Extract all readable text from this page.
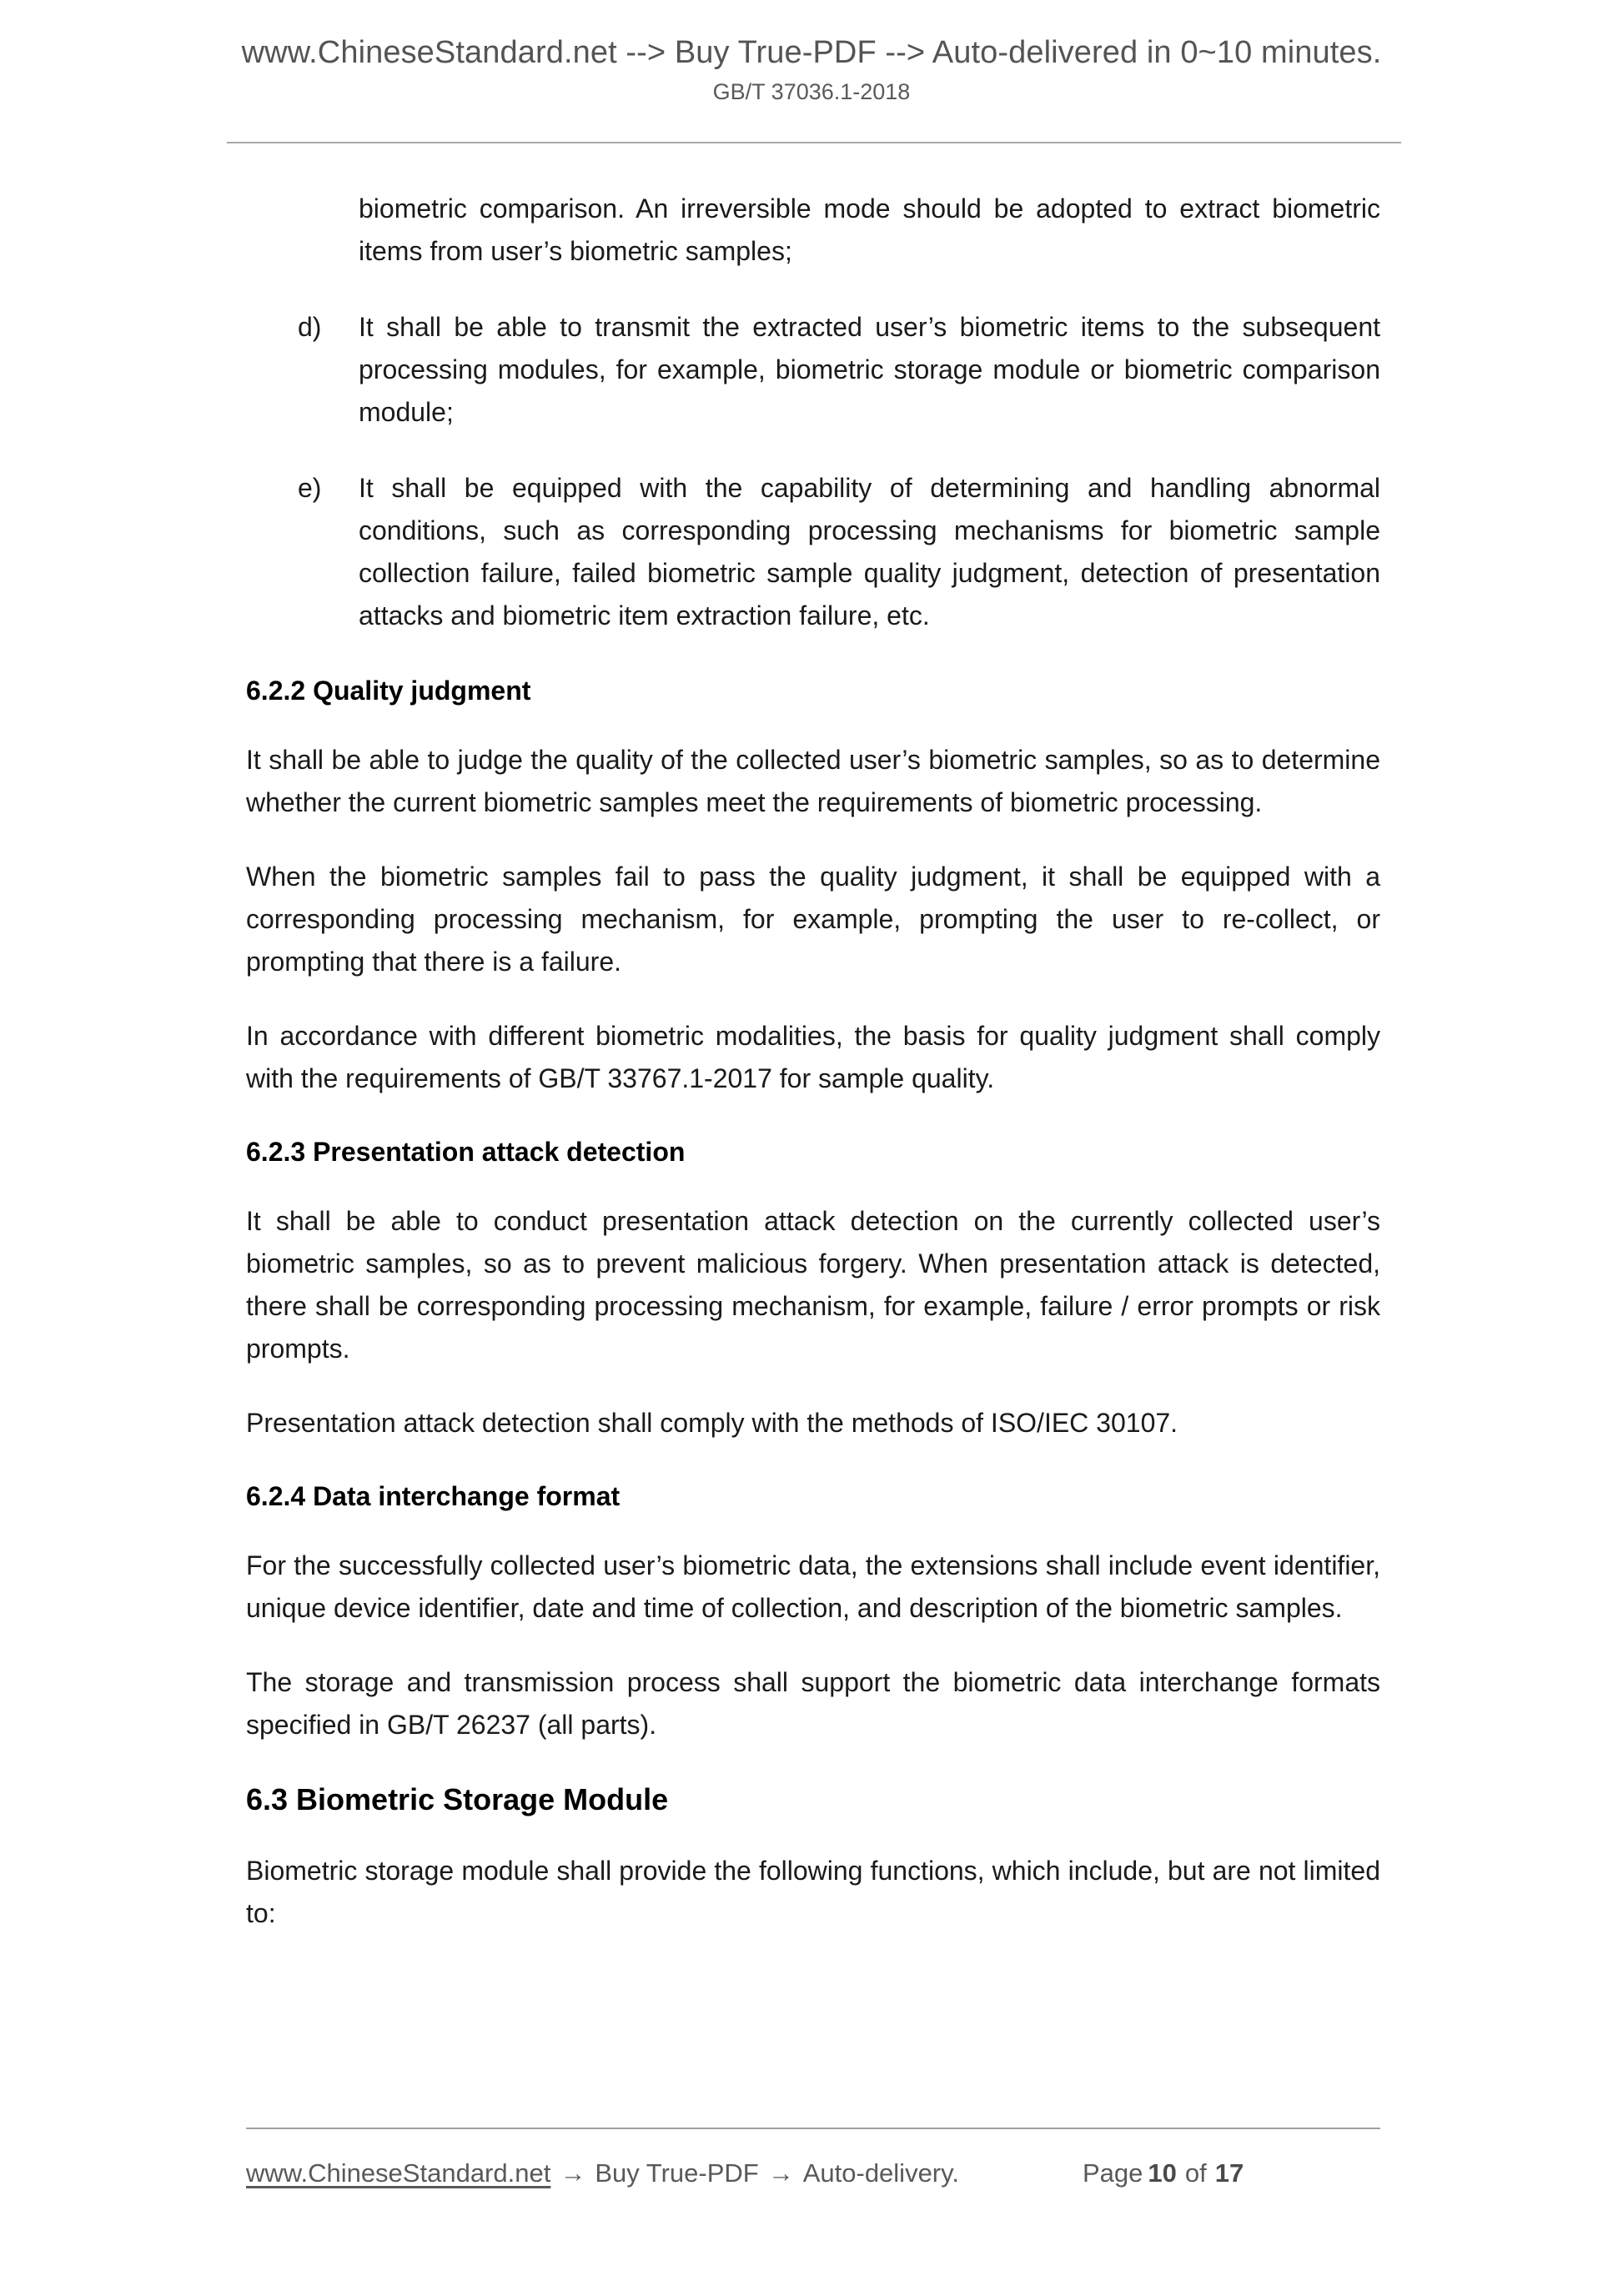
www.ChineseStandard.net --> Buy True-PDF --> Auto-delivered in 0~10 minutes.
GB/T 37036.1-2018
biometric comparison. An irreversible mode should be adopted to extract biometric items from user’s biometric samples;
d) It shall be able to transmit the extracted user’s biometric items to the subsequent processing modules, for example, biometric storage module or biometric comparison module;
e) It shall be equipped with the capability of determining and handling abnormal conditions, such as corresponding processing mechanisms for biometric sample collection failure, failed biometric sample quality judgment, detection of presentation attacks and biometric item extraction failure, etc.
6.2.2 Quality judgment

It shall be able to judge the quality of the collected user’s biometric samples, so as to determine whether the current biometric samples meet the requirements of biometric processing.

When the biometric samples fail to pass the quality judgment, it shall be equipped with a corresponding processing mechanism, for example, prompting the user to re-collect, or prompting that there is a failure.

In accordance with different biometric modalities, the basis for quality judgment shall comply with the requirements of GB/T 33767.1-2017 for sample quality.

6.2.3 Presentation attack detection

It shall be able to conduct presentation attack detection on the currently collected user’s biometric samples, so as to prevent malicious forgery. When presentation attack is detected, there shall be corresponding processing mechanism, for example, failure / error prompts or risk prompts.

Presentation attack detection shall comply with the methods of ISO/IEC 30107.

6.2.4 Data interchange format

For the successfully collected user’s biometric data, the extensions shall include event identifier, unique device identifier, date and time of collection, and description of the biometric samples.

The storage and transmission process shall support the biometric data interchange formats specified in GB/T 26237 (all parts).

6.3 Biometric Storage Module

Biometric storage module shall provide the following functions, which include, but are not limited to:

www.ChineseStandard.net → Buy True-PDF → Auto-delivery.	Page 10 of 17
